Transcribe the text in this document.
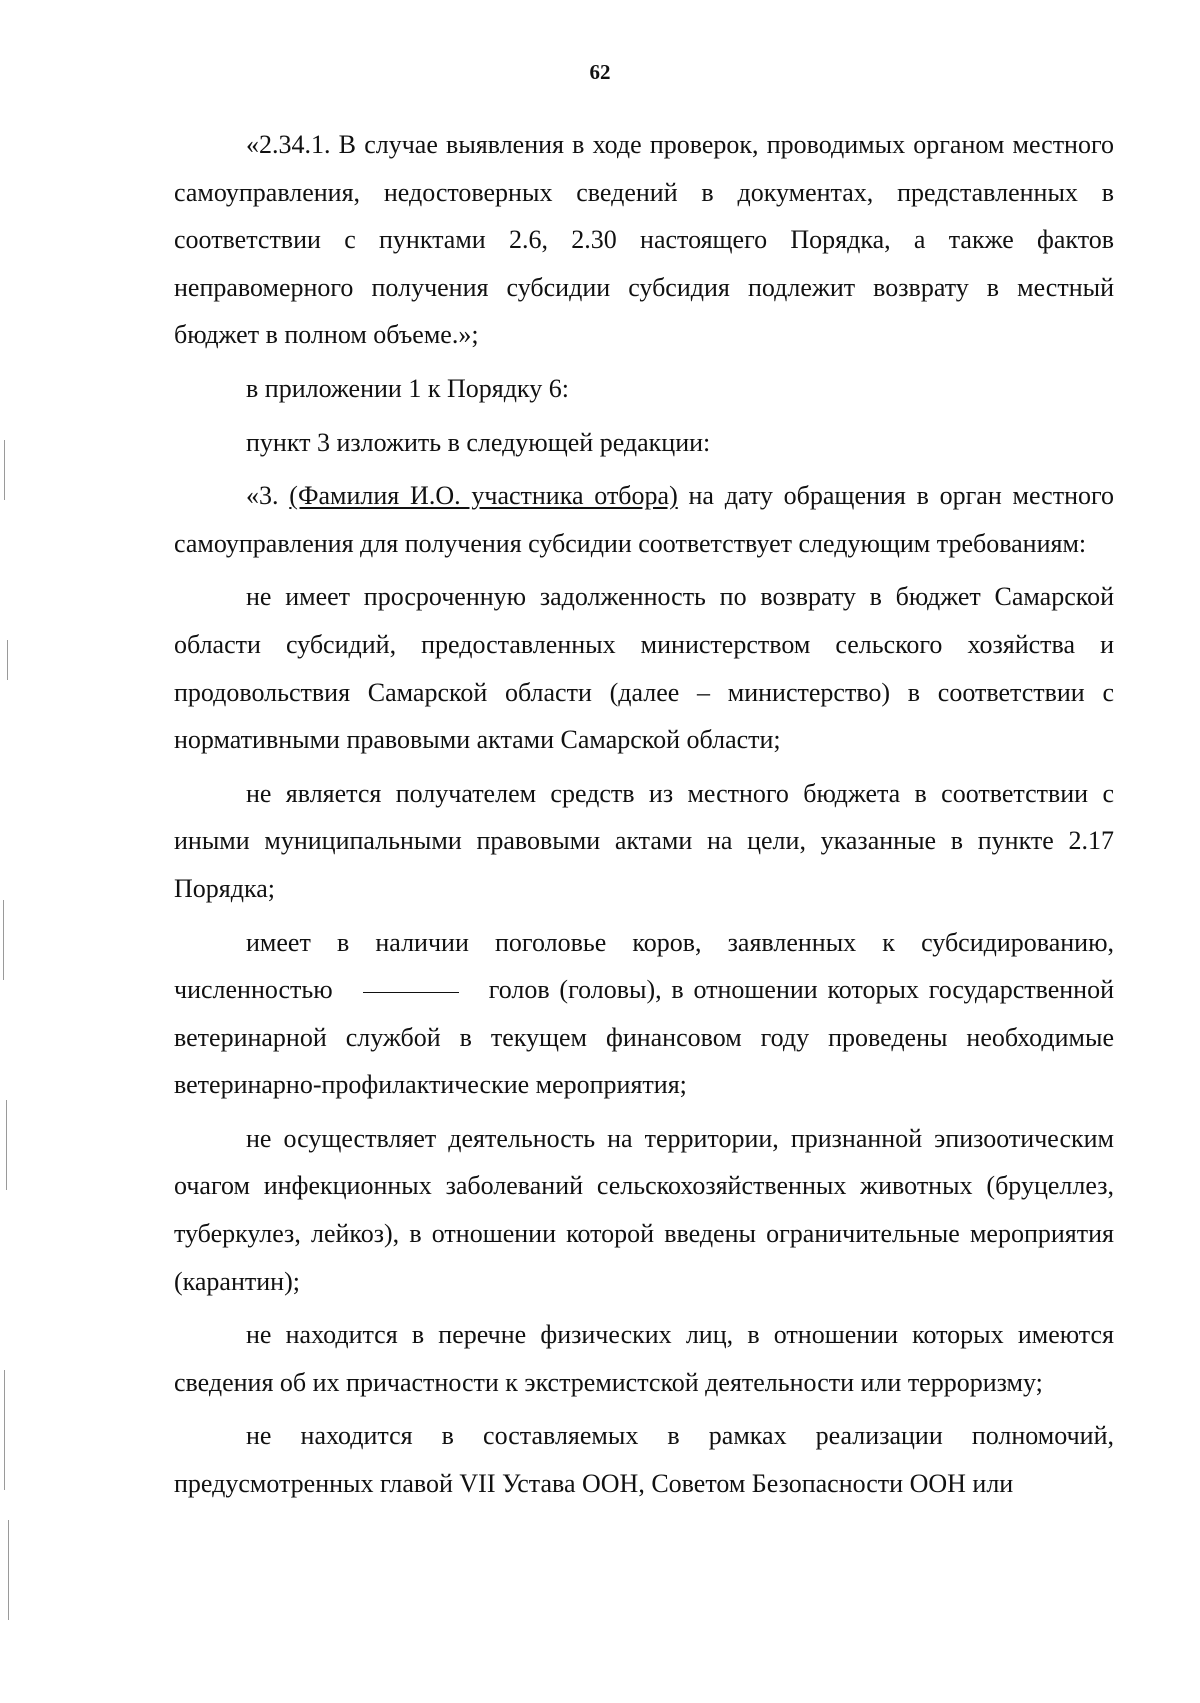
62

«2.34.1. В случае выявления в ходе проверок, проводимых органом местного самоуправления, недостоверных сведений в документах, представленных в соответствии с пунктами 2.6, 2.30 настоящего Порядка, а также фактов неправомерного получения субсидии субсидия подлежит возврату в местный бюджет в полном объеме.»;

в приложении 1 к Порядку 6:

пункт 3 изложить в следующей редакции:

«3. (Фамилия И.О. участника отбора) на дату обращения в орган местного самоуправления для получения субсидии соответствует следующим требованиям:

не имеет просроченную задолженность по возврату в бюджет Самарской области субсидий, предоставленных министерством сельского хозяйства и продовольствия Самарской области (далее – министерство) в соответствии с нормативными правовыми актами Самарской области;

не является получателем средств из местного бюджета в соответствии с иными муниципальными правовыми актами на цели, указанные в пункте 2.17 Порядка;

имеет в наличии поголовье коров, заявленных к субсидированию, численностью	голов (головы), в отношении которых государственной ветеринарной службой в текущем финансовом году проведены необходимые ветеринарно-профилактические мероприятия;

не осуществляет деятельность на территории, признанной эпизоотическим очагом инфекционных заболеваний сельскохозяйственных животных (бруцеллез, туберкулез, лейкоз), в отношении которой введены ограничительные мероприятия (карантин);

не находится в перечне физических лиц, в отношении которых имеются сведения об их причастности к экстремистской деятельности или терроризму;

не находится в составляемых в рамках реализации полномочий, предусмотренных главой VII Устава ООН, Советом Безопасности ООН или
